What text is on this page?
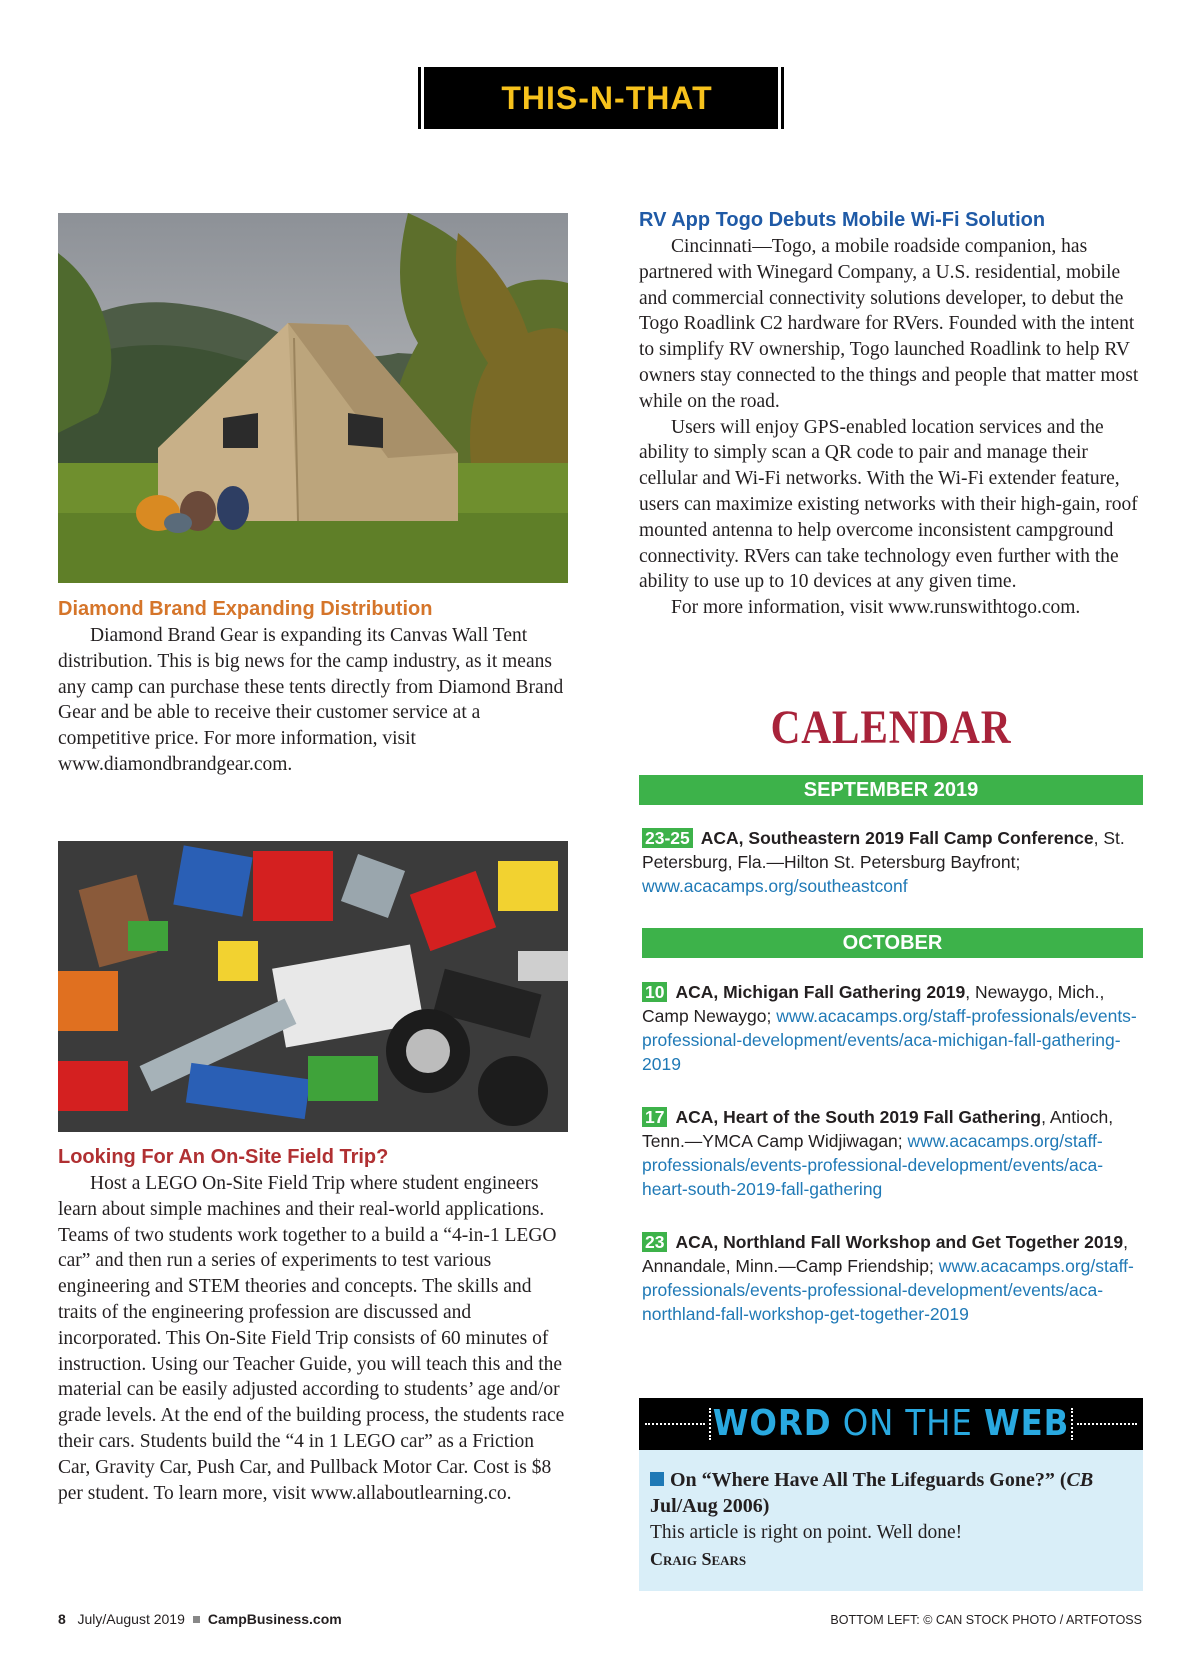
THIS-N-THAT
Diamond Brand Expanding Distribution

Diamond Brand Gear is expanding its Canvas Wall Tent distribution. This is big news for the camp industry, as it means any camp can purchase these tents directly from Diamond Brand Gear and be able to receive their customer service at a competitive price. For more information, visit www.diamondbrandgear.com.

Looking For An On-Site Field Trip?

Host a LEGO On-Site Field Trip where student engineers learn about simple machines and their real-world applications. Teams of two students work together to a build a “4-in-1 LEGO car” and then run a series of experiments to test various engineering and STEM theories and concepts. The skills and traits of the engineering profession are discussed and incorporated. This On-Site Field Trip consists of 60 minutes of instruction. Using our Teacher Guide, you will teach this and the material can be easily adjusted according to students’ age and/or grade levels. At the end of the building process, the students race their cars. Students build the “4 in 1 LEGO car” as a Friction Car, Gravity Car, Push Car, and Pullback Motor Car. Cost is $8 per student. To learn more, visit www.allaboutlearning.co.

RV App Togo Debuts Mobile Wi-Fi Solution

Cincinnati—Togo, a mobile roadside companion, has partnered with Winegard Company, a U.S. residential, mobile and commercial connectivity solutions developer, to debut the Togo Roadlink C2 hardware for RVers. Founded with the intent to simplify RV ownership, Togo launched Roadlink to help RV owners stay connected to the things and people that matter most while on the road.

Users will enjoy GPS-enabled location services and the ability to simply scan a QR code to pair and manage their cellular and Wi-Fi networks. With the Wi-Fi extender feature, users can maximize existing networks with their high-gain, roof mounted antenna to help overcome inconsistent campground connectivity. RVers can take technology even further with the ability to use up to 10 devices at any given time.

For more information, visit www.runswithtogo.com.

CALENDAR
SEPTEMBER 2019
23-25 ACA, Southeastern 2019 Fall Camp Conference, St. Petersburg, Fla.—Hilton St. Petersburg Bayfront; www.acacamps.org/southeastconf
OCTOBER
10 ACA, Michigan Fall Gathering 2019, Newaygo, Mich., Camp Newaygo; www.acacamps.org/staff-professionals/events-professional-development/events/aca-michigan-fall-gathering-2019
17 ACA, Heart of the South 2019 Fall Gathering, Antioch, Tenn.—YMCA Camp Widjiwagan; www.acacamps.org/staff-professionals/events-professional-development/events/aca-heart-south-2019-fall-gathering
23 ACA, Northland Fall Workshop and Get Together 2019, Annandale, Minn.—Camp Friendship; www.acacamps.org/staff-professionals/events-professional-development/events/aca-northland-fall-workshop-get-together-2019
WORD ON THE WEB
On “Where Have All The Lifeguards Gone?” (CB Jul/Aug 2006)
This article is right on point. Well done!
Craig Sears
8 July/August 2019 CampBusiness.com	BOTTOM LEFT: © CAN STOCK PHOTO / ARTFOTOSS
